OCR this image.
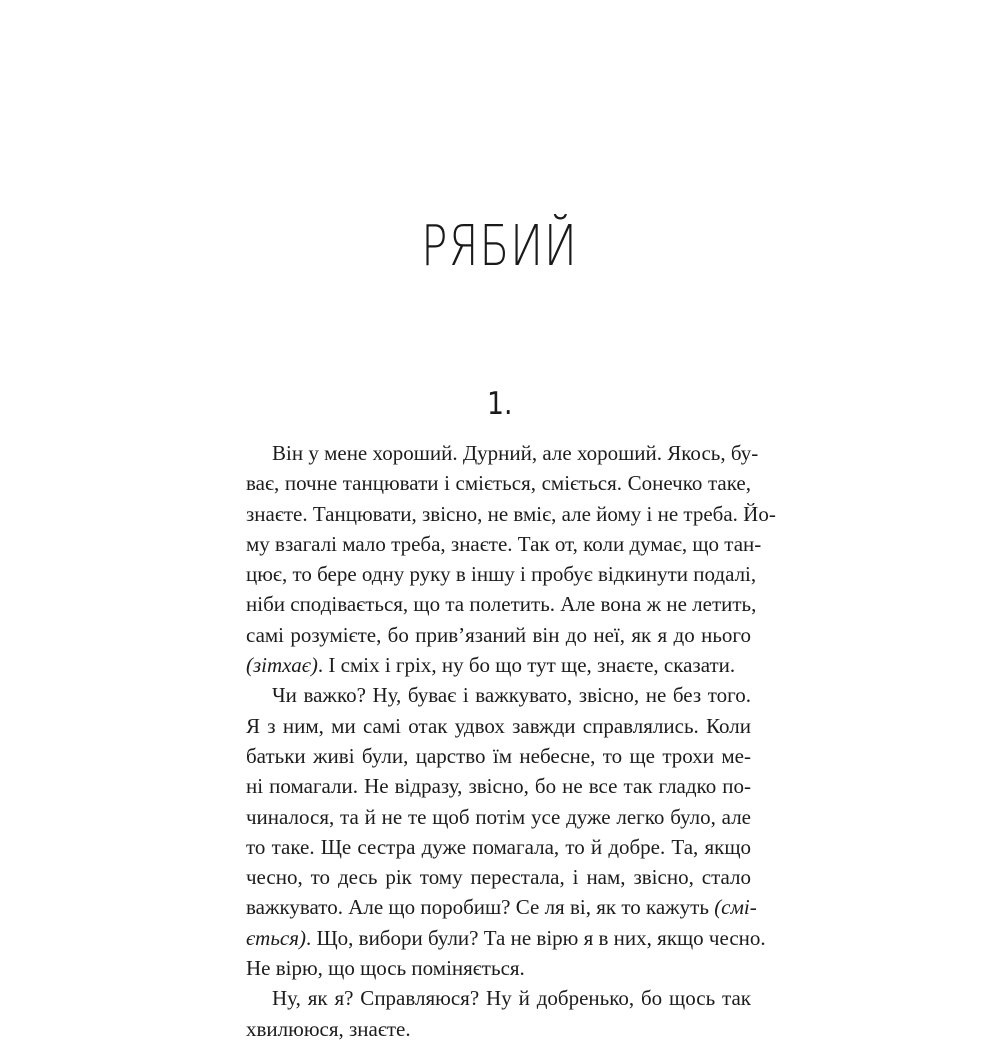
РЯБИЙ
1.
Він у мене хороший. Дурний, але хороший. Якось, бу-
ває, почне танцювати і сміється, сміється. Сонечко таке,
знаєте. Танцювати, звісно, не вміє, але йому і не треба. Йо-
му взагалі мало треба, знаєте. Так от, коли думає, що тан-
цює, то бере одну руку в іншу і пробує відкинути подалі,
ніби сподівається, що та полетить. Але вона ж не летить,
самі розумієте, бо прив’язаний він до неї, як я до нього
(зітхає). І сміх і гріх, ну бо що тут ще, знаєте, сказати.
Чи важко? Ну, буває і важкувато, звісно, не без того.
Я з ним, ми самі отак удвох завжди справлялись. Коли
батьки живі були, царство їм небесне, то ще трохи ме-
ні помагали. Не відразу, звісно, бо не все так гладко по-
чиналося, та й не те щоб потім усе дуже легко було, але
то таке. Ще сестра дуже помагала, то й добре. Та, якщо
чесно, то десь рік тому перестала, і нам, звісно, стало
важкувато. Але що поробиш? Се ля ві, як то кажуть (смі-
ється). Що, вибори були? Та не вірю я в них, якщо чесно.
Не вірю, що щось поміняється.
Ну, як я? Справляюся? Ну й добренько, бо щось так
хвилююся, знаєте.
